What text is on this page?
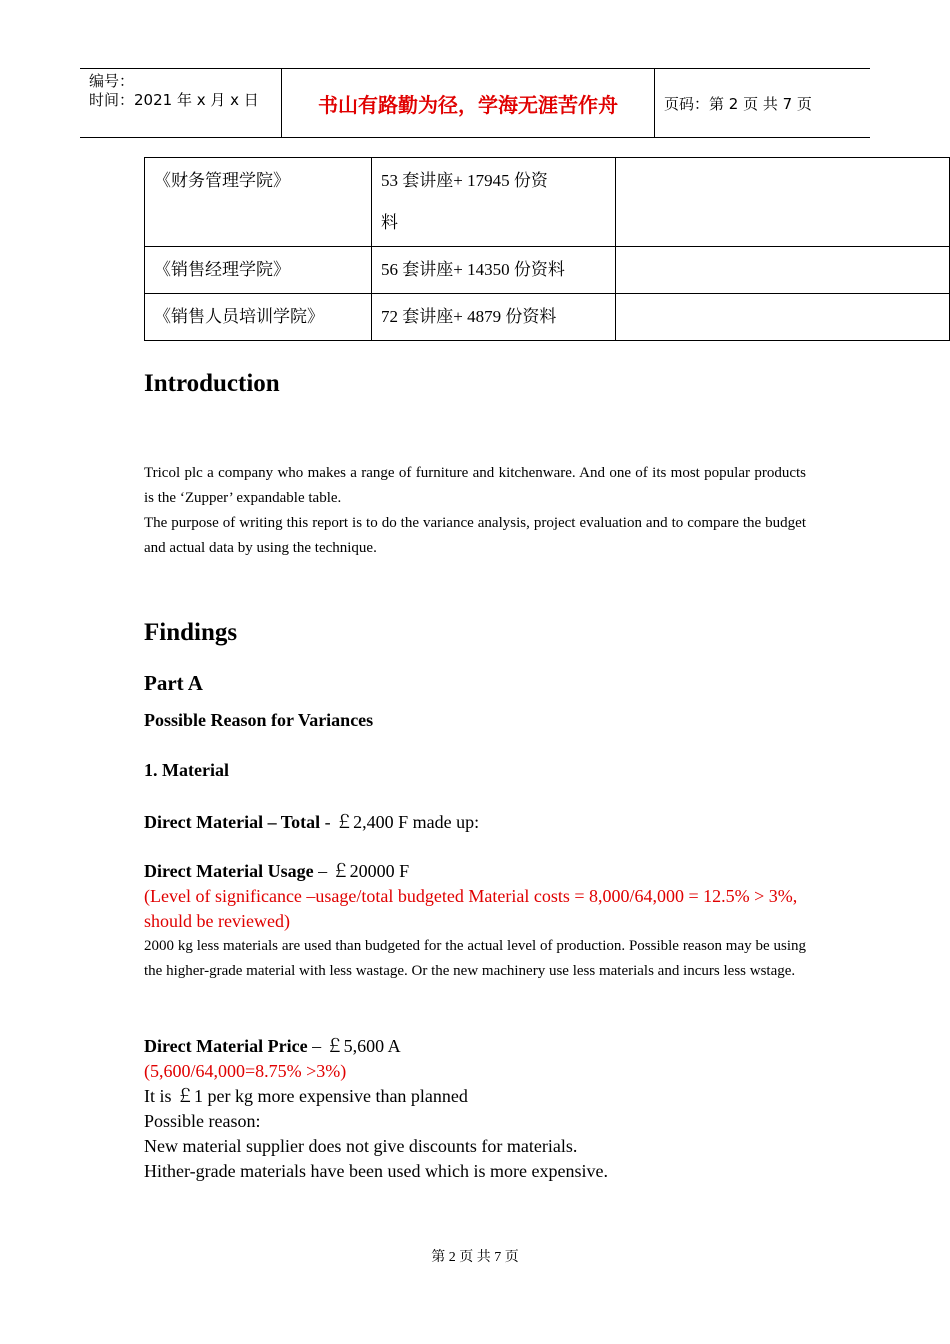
编号：
时间：2021 年 x 月 x 日	书山有路勤为径，学海无涯苦作舟	页码：第 2 页 共 7 页
《财务管理学院》	53 套讲座+ 17945 份资
料	

《销售经理学院》	56 套讲座+ 14350 份资料	
《销售人员培训学院》	72 套讲座+ 4879 份资料	
Introduction

Tricol plc a company who makes a range of furniture and kitchenware. And one of its most popular products is the ‘Zupper’ expandable table.

The purpose of writing this report is to do the variance analysis, project evaluation and to compare the budget and actual data by using the technique.

Findings
Part A

Possible Reason for Variances

1. Material

Direct Material – Total - ￡2,400 F made up:

Direct Material Usage – ￡20000 F

(Level of significance –usage/total budgeted Material costs = 8,000/64,000 = 12.5% > 3%, should be reviewed)

2000 kg less materials are used than budgeted for the actual level of production. Possible reason may be using the higher-grade material with less wastage. Or the new machinery use less materials and incurs less wstage.

Direct Material Price – ￡5,600 A

(5,600/64,000=8.75% >3%)

It is ￡1 per kg more expensive than planned

Possible reason:

New material supplier does not give discounts for materials.

Hither-grade materials have been used which is more expensive.

第 2 页 共 7 页
